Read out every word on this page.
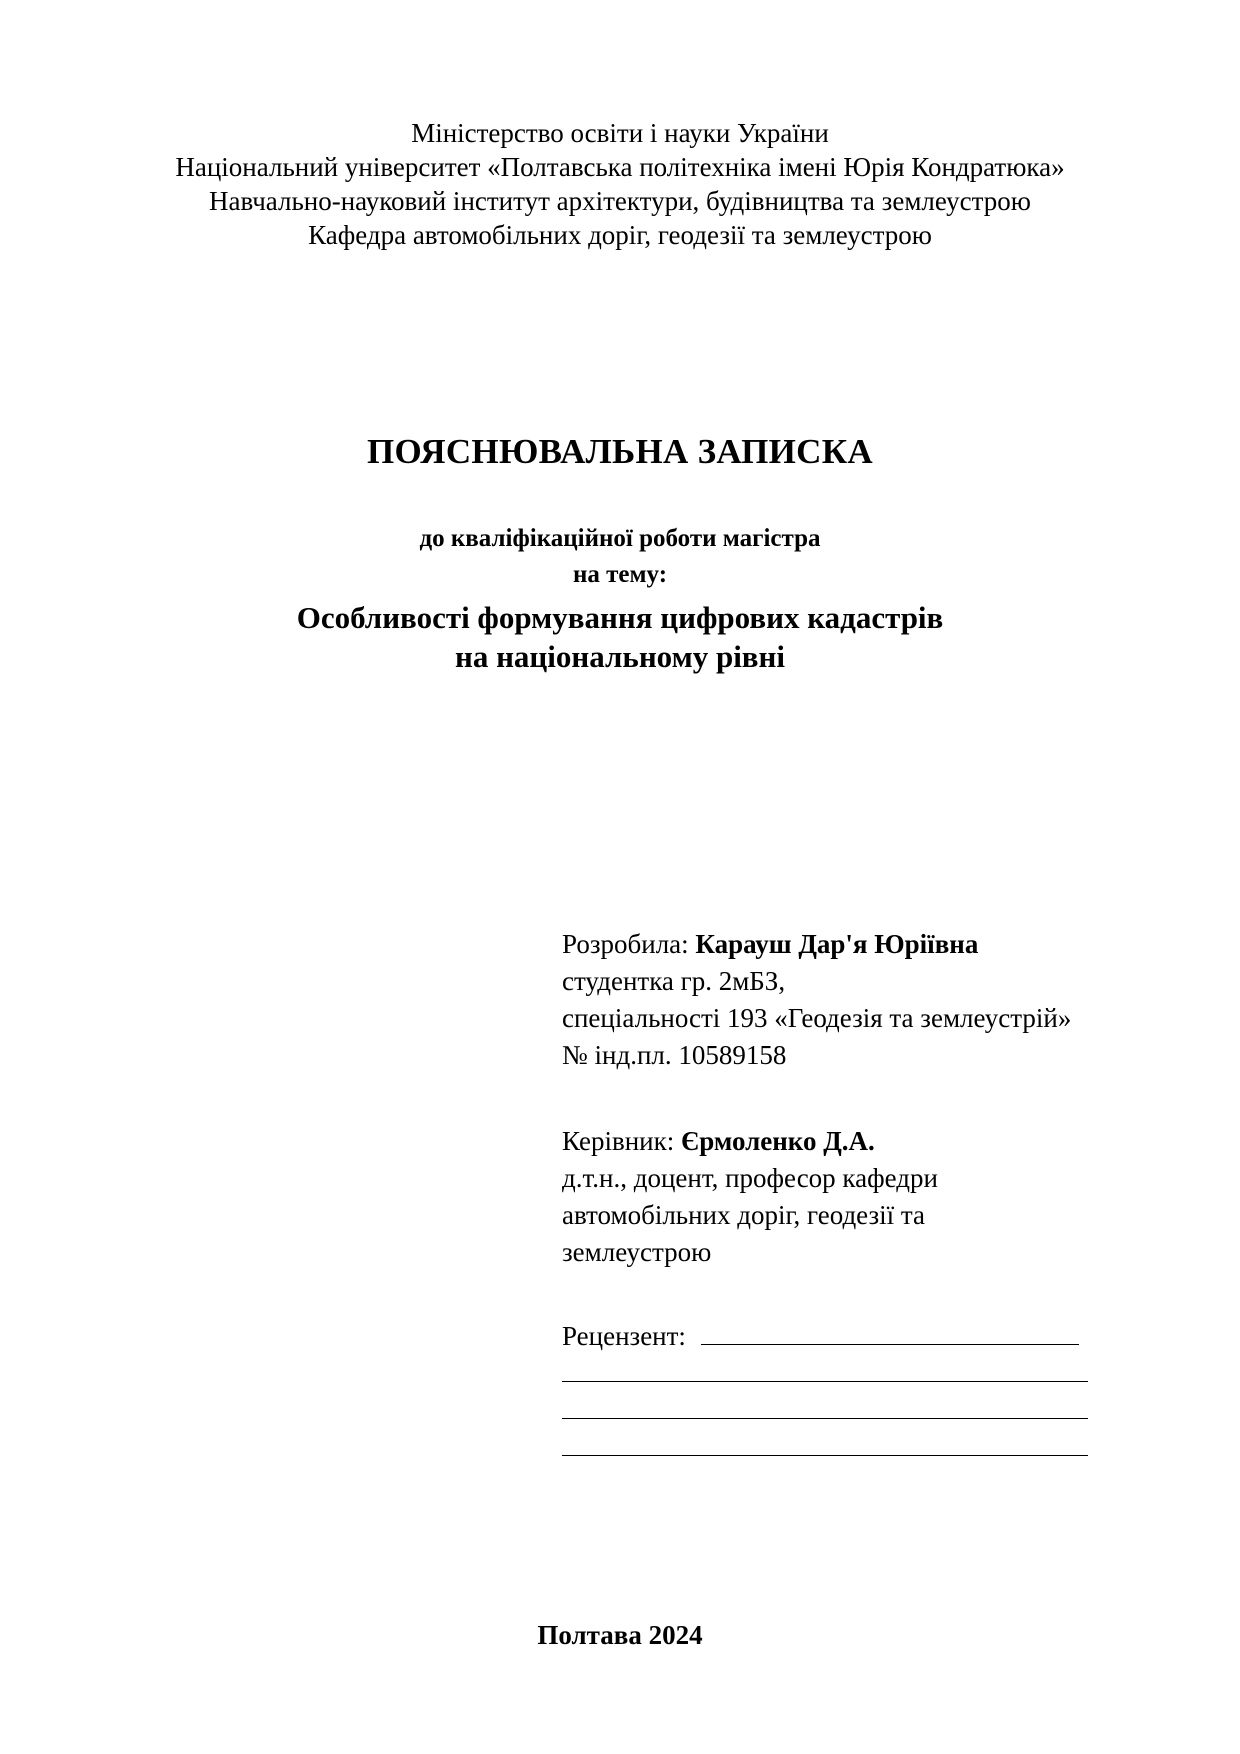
Міністерство освіти і науки України
Національний університет «Полтавська політехніка імені Юрія Кондратюка»
Навчально-науковий інститут архітектури, будівництва та землеустрою
Кафедра автомобільних доріг, геодезії та землеустрою
ПОЯСНЮВАЛЬНА ЗАПИСКА
до кваліфікаційної роботи магістра
на тему:
Особливості формування цифрових кадастрів
на національному рівні
Розробила: Карауш Дар'я Юріївна
студентка гр. 2мБЗ,
спеціальності 193 «Геодезія та землеустрій»
№ інд.пл. 10589158
Керівник: Єрмоленко Д.А.
д.т.н., доцент, професор кафедри
автомобільних доріг, геодезії та
землеустрою
Рецензент:
Полтава 2024
